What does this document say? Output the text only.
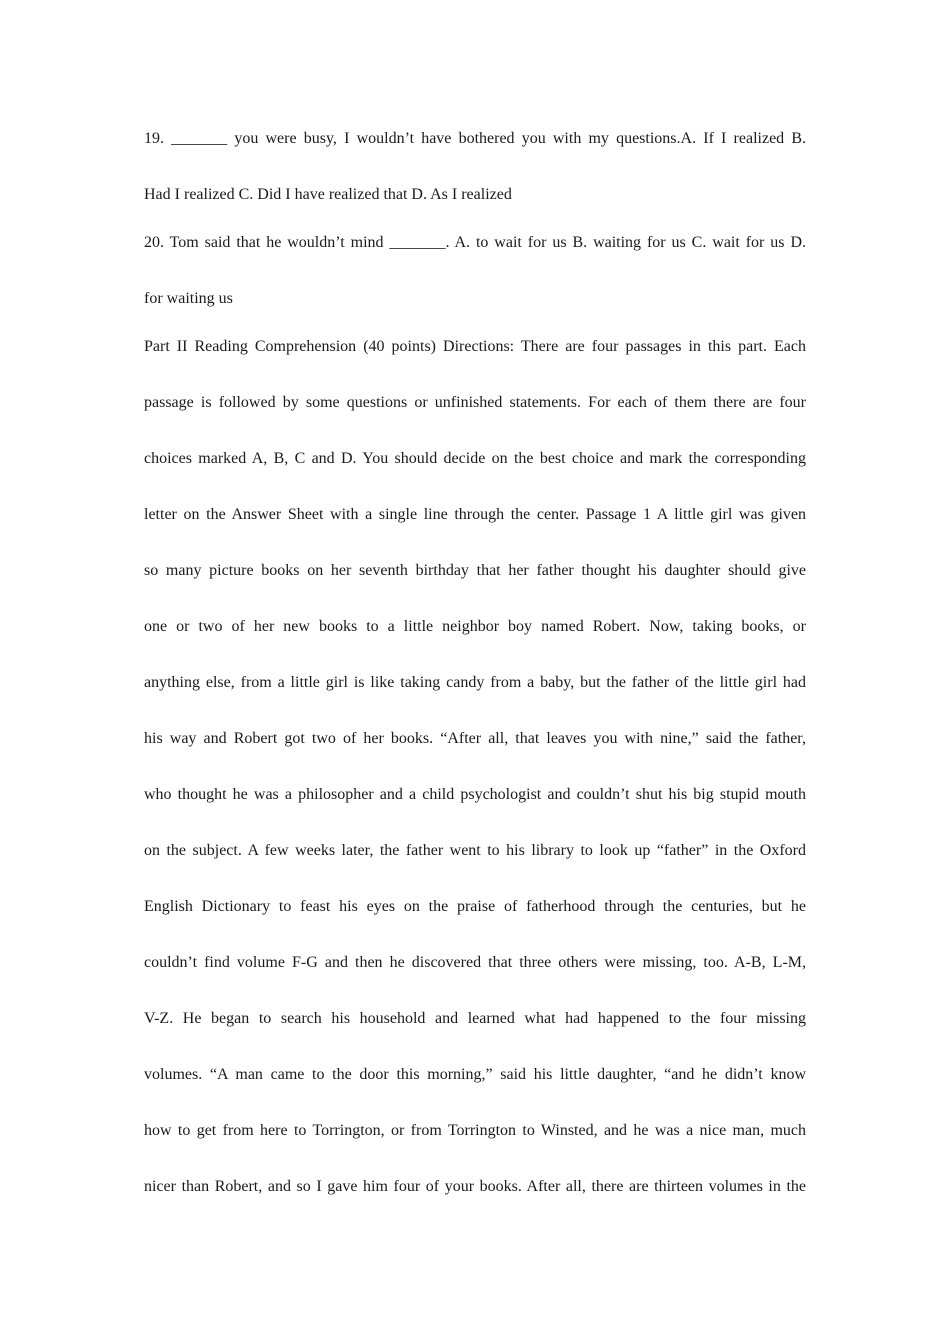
19. _______ you were busy, I wouldn’t have bothered you with my questions.A. If I realized B.
Had I realized C. Did I have realized that D. As I realized
20. Tom said that he wouldn’t mind _______. A. to wait for us B. waiting for us C. wait for us D.
for waiting us
Part II Reading Comprehension (40 points) Directions: There are four passages in this part. Each
passage is followed by some questions or unfinished statements. For each of them there are four
choices marked A, B, C and D. You should decide on the best choice and mark the corresponding
letter on the Answer Sheet with a single line through the center. Passage 1 A little girl was given
so many picture books on her seventh birthday that her father thought his daughter should give
one or two of her new books to a little neighbor boy named Robert. Now, taking books, or
anything else, from a little girl is like taking candy from a baby, but the father of the little girl had
his way and Robert got two of her books. “After all, that leaves you with nine,” said the father,
who thought he was a philosopher and a child psychologist and couldn’t shut his big stupid mouth
on the subject. A few weeks later, the father went to his library to look up “father” in the Oxford
English Dictionary to feast his eyes on the praise of fatherhood through the centuries, but he
couldn’t find volume F-G and then he discovered that three others were missing, too. A-B, L-M,
V-Z. He began to search his household and learned what had happened to the four missing
volumes. “A man came to the door this morning,” said his little daughter, “and he didn’t know
how to get from here to Torrington, or from Torrington to Winsted, and he was a nice man, much
nicer than Robert, and so I gave him four of your books. After all, there are thirteen volumes in the
